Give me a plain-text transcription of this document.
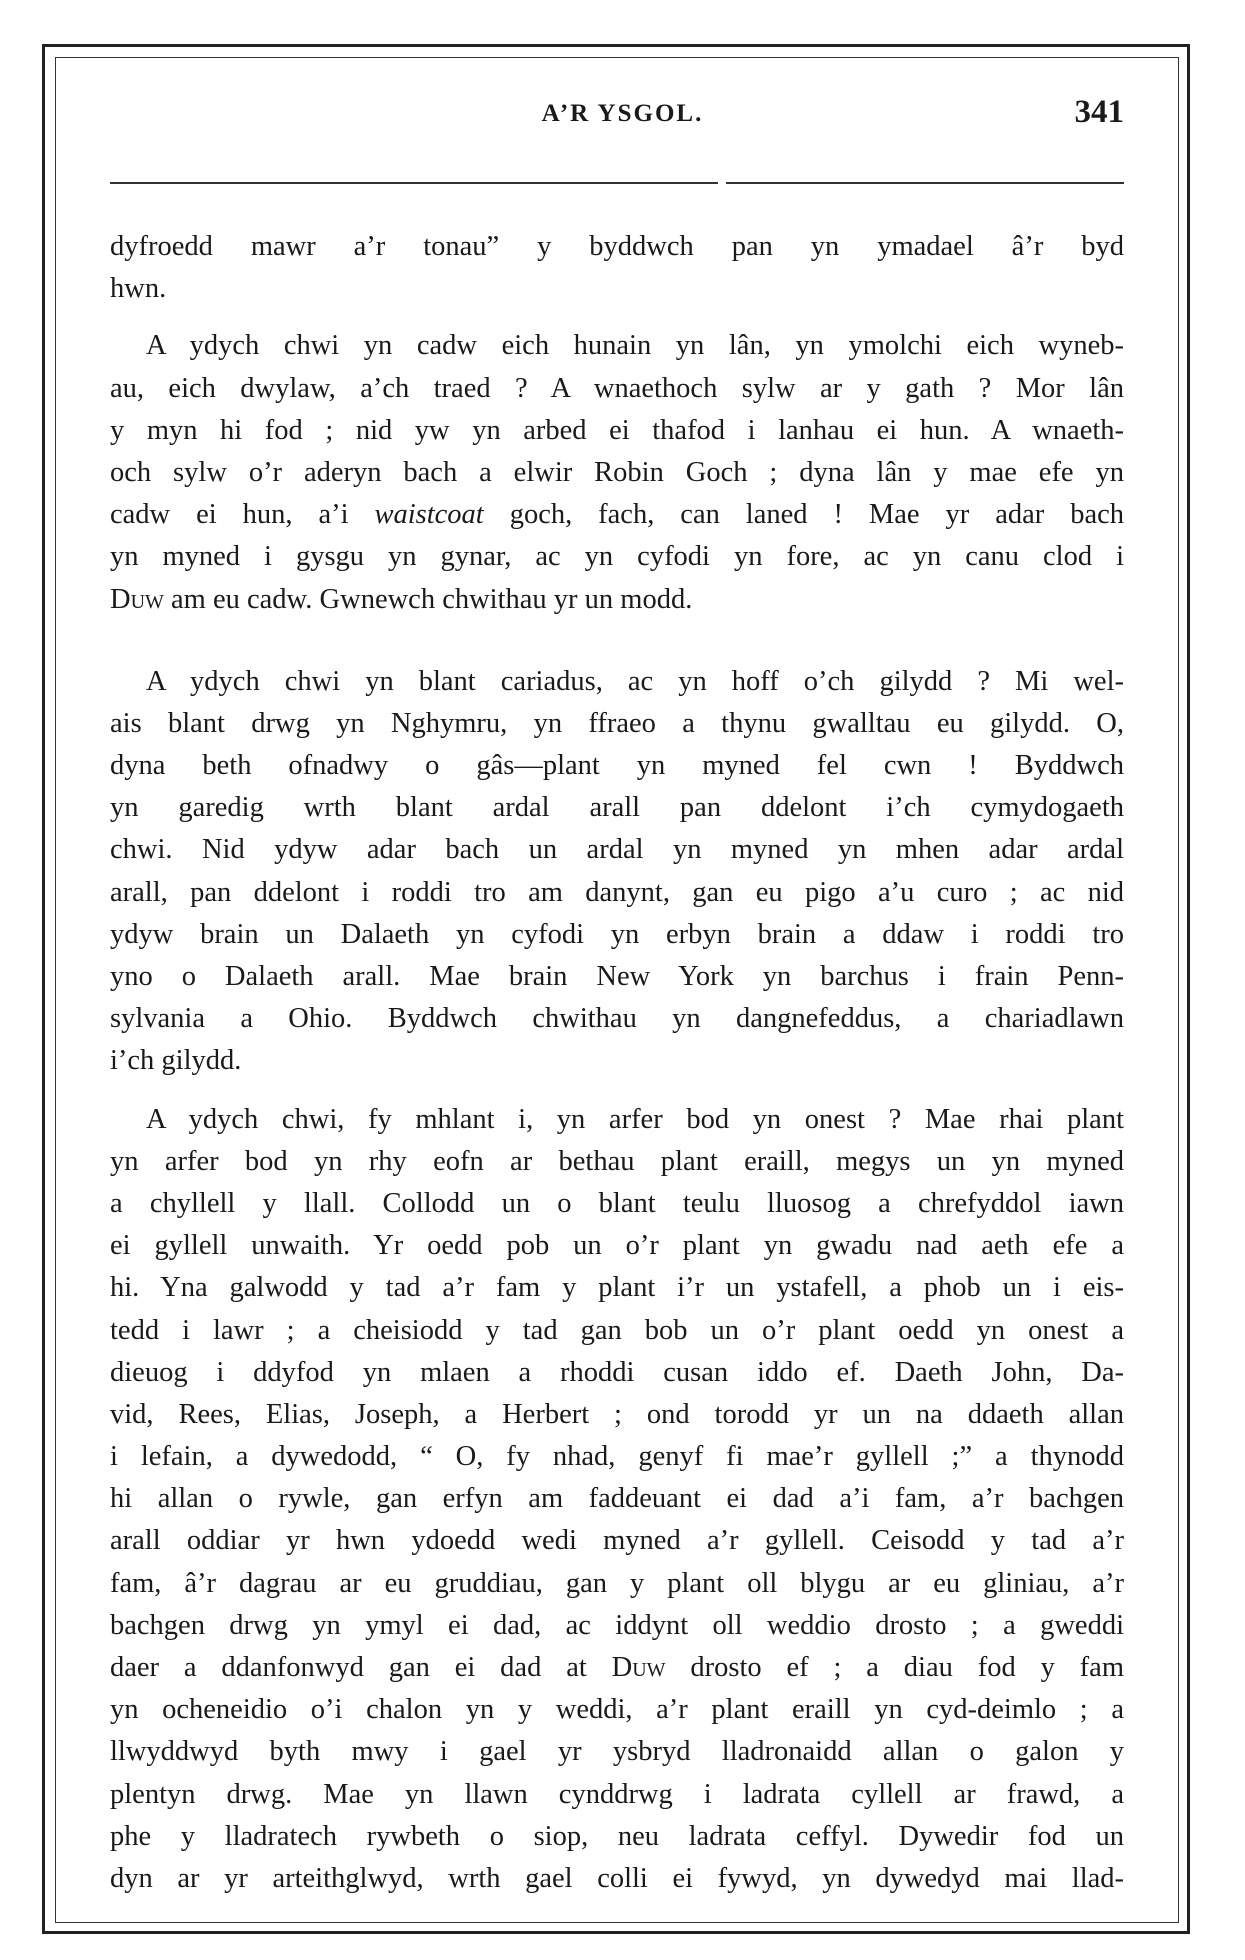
A’R YSGOL.	341
dyfroedd mawr a’r tonau” y byddwch pan yn ymadael â’r byd
hwn.
A ydych chwi yn cadw eich hunain yn lân, yn ymolchi eich wyneb-
au, eich dwylaw, a’ch traed ? A wnaethoch sylw ar y gath ? Mor lân
y myn hi fod ; nid yw yn arbed ei thafod i lanhau ei hun. A wnaeth-
och sylw o’r aderyn bach a elwir Robin Goch ; dyna lân y mae efe yn
cadw ei hun, a’i waistcoat goch, fach, can laned ! Mae yr adar bach
yn myned i gysgu yn gynar, ac yn cyfodi yn fore, ac yn canu clod i
Duw am eu cadw. Gwnewch chwithau yr un modd.
A ydych chwi yn blant cariadus, ac yn hoff o’ch gilydd ? Mi wel-
ais blant drwg yn Nghymru, yn ffraeo a thynu gwalltau eu gilydd. O,
dyna beth ofnadwy o gâs—plant yn myned fel cwn ! Byddwch
yn garedig wrth blant ardal arall pan ddelont i’ch cymydogaeth
chwi. Nid ydyw adar bach un ardal yn myned yn mhen adar ardal
arall, pan ddelont i roddi tro am danynt, gan eu pigo a’u curo ; ac nid
ydyw brain un Dalaeth yn cyfodi yn erbyn brain a ddaw i roddi tro
yno o Dalaeth arall. Mae brain New York yn barchus i frain Penn-
sylvania a Ohio. Byddwch chwithau yn dangnefeddus, a chariadlawn
i’ch gilydd.
A ydych chwi, fy mhlant i, yn arfer bod yn onest ? Mae rhai plant
yn arfer bod yn rhy eofn ar bethau plant eraill, megys un yn myned
a chyllell y llall. Collodd un o blant teulu lluosog a chrefyddol iawn
ei gyllell unwaith. Yr oedd pob un o’r plant yn gwadu nad aeth efe a
hi. Yna galwodd y tad a’r fam y plant i’r un ystafell, a phob un i eis-
tedd i lawr ; a cheisiodd y tad gan bob un o’r plant oedd yn onest a
dieuog i ddyfod yn mlaen a rhoddi cusan iddo ef. Daeth John, Da-
vid, Rees, Elias, Joseph, a Herbert ; ond torodd yr un na ddaeth allan
i lefain, a dywedodd, “ O, fy nhad, genyf fi mae’r gyllell ;” a thynodd
hi allan o rywle, gan erfyn am faddeuant ei dad a’i fam, a’r bachgen
arall oddiar yr hwn ydoedd wedi myned a’r gyllell. Ceisodd y tad a’r
fam, â’r dagrau ar eu gruddiau, gan y plant oll blygu ar eu gliniau, a’r
bachgen drwg yn ymyl ei dad, ac iddynt oll weddio drosto ; a gweddi
daer a ddanfonwyd gan ei dad at Duw drosto ef ; a diau fod y fam
yn ocheneidio o’i chalon yn y weddi, a’r plant eraill yn cyd-deimlo ; a
llwyddwyd byth mwy i gael yr ysbryd lladronaidd allan o galon y
plentyn drwg. Mae yn llawn cynddrwg i ladrata cyllell ar frawd, a
phe y lladratech rywbeth o siop, neu ladrata ceffyl. Dywedir fod un
dyn ar yr arteithglwyd, wrth gael colli ei fywyd, yn dywedyd mai llad-
